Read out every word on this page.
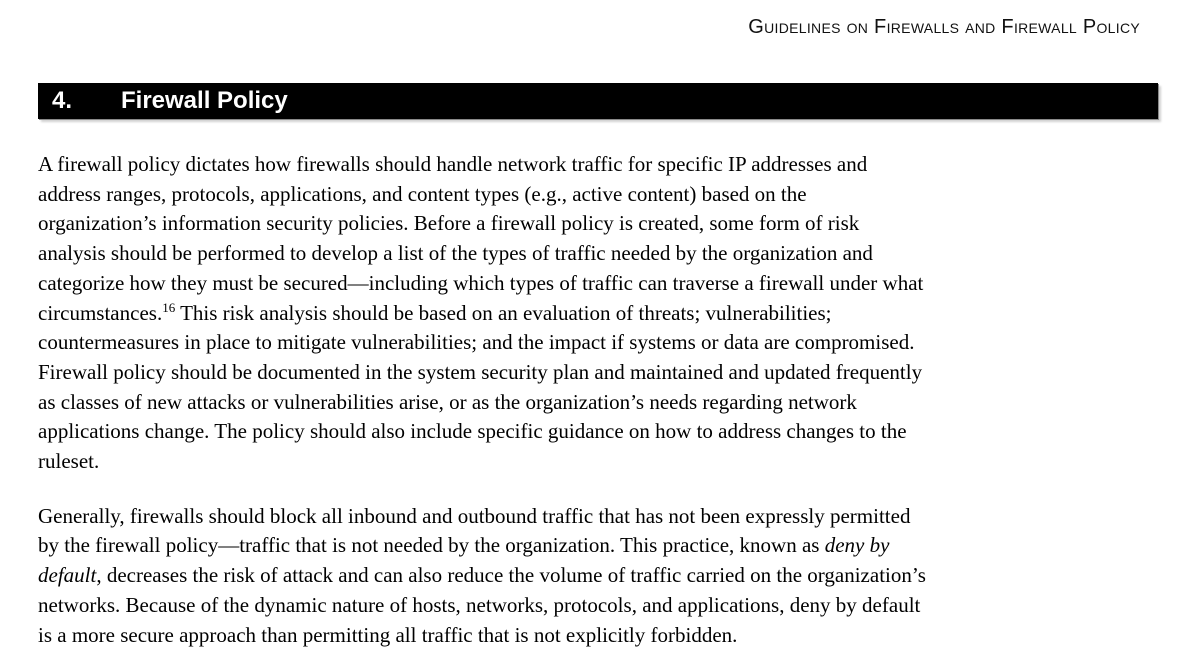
Guidelines on Firewalls and Firewall Policy
4.	Firewall Policy
A firewall policy dictates how firewalls should handle network traffic for specific IP addresses and
address ranges, protocols, applications, and content types (e.g., active content) based on the
organization’s information security policies. Before a firewall policy is created, some form of risk
analysis should be performed to develop a list of the types of traffic needed by the organization and
categorize how they must be secured—including which types of traffic can traverse a firewall under what
circumstances.$^{16}$ This risk analysis should be based on an evaluation of threats; vulnerabilities;
countermeasures in place to mitigate vulnerabilities; and the impact if systems or data are compromised.
Firewall policy should be documented in the system security plan and maintained and updated frequently
as classes of new attacks or vulnerabilities arise, or as the organization’s needs regarding network
applications change. The policy should also include specific guidance on how to address changes to the
ruleset.
Generally, firewalls should block all inbound and outbound traffic that has not been expressly permitted
by the firewall policy—traffic that is not needed by the organization. This practice, known as deny by
default, decreases the risk of attack and can also reduce the volume of traffic carried on the organization’s
networks. Because of the dynamic nature of hosts, networks, protocols, and applications, deny by default
is a more secure approach than permitting all traffic that is not explicitly forbidden.
